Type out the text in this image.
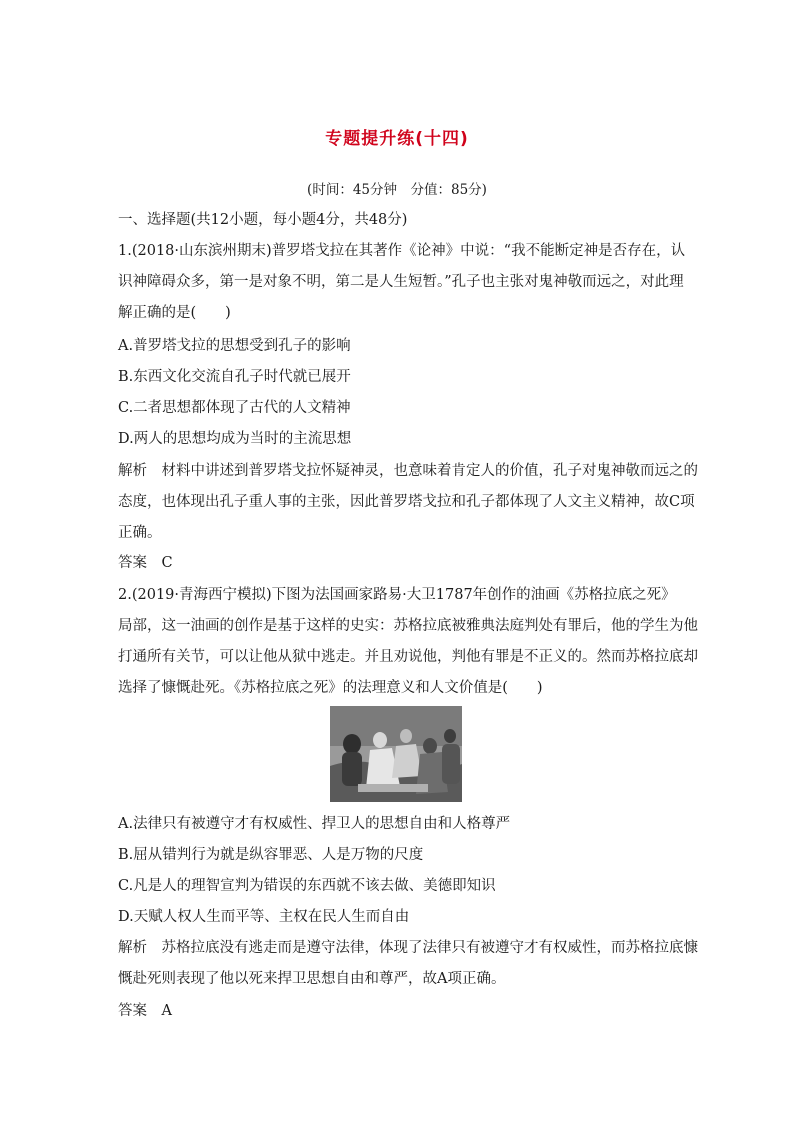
专题提升练(十四)
(时间：45分钟　分值：85分)
一、选择题(共12小题，每小题4分，共48分)
1.(2018·山东滨州期末)普罗塔戈拉在其著作《论神》中说：“我不能断定神是否存在，认
识神障碍众多，第一是对象不明，第二是人生短暂。”孔子也主张对鬼神敬而远之，对此理
解正确的是(　　)
A.普罗塔戈拉的思想受到孔子的影响
B.东西文化交流自孔子时代就已展开
C.二者思想都体现了古代的人文精神
D.两人的思想均成为当时的主流思想
解析　材料中讲述到普罗塔戈拉怀疑神灵，也意味着肯定人的价值，孔子对鬼神敬而远之的
态度，也体现出孔子重人事的主张，因此普罗塔戈拉和孔子都体现了人文主义精神，故C项
正确。
答案　C
2.(2019·青海西宁模拟)下图为法国画家路易·大卫1787年创作的油画《苏格拉底之死》
局部，这一油画的创作是基于这样的史实：苏格拉底被雅典法庭判处有罪后，他的学生为他
打通所有关节，可以让他从狱中逃走。并且劝说他，判他有罪是不正义的。然而苏格拉底却
选择了慷慨赴死。《苏格拉底之死》的法理意义和人文价值是(　　)
A.法律只有被遵守才有权威性、捍卫人的思想自由和人格尊严
B.屈从错判行为就是纵容罪恶、人是万物的尺度
C.凡是人的理智宣判为错误的东西就不该去做、美德即知识
D.天赋人权人生而平等、主权在民人生而自由
解析　苏格拉底没有逃走而是遵守法律，体现了法律只有被遵守才有权威性，而苏格拉底慷
慨赴死则表现了他以死来捍卫思想自由和尊严，故A项正确。
答案　A
